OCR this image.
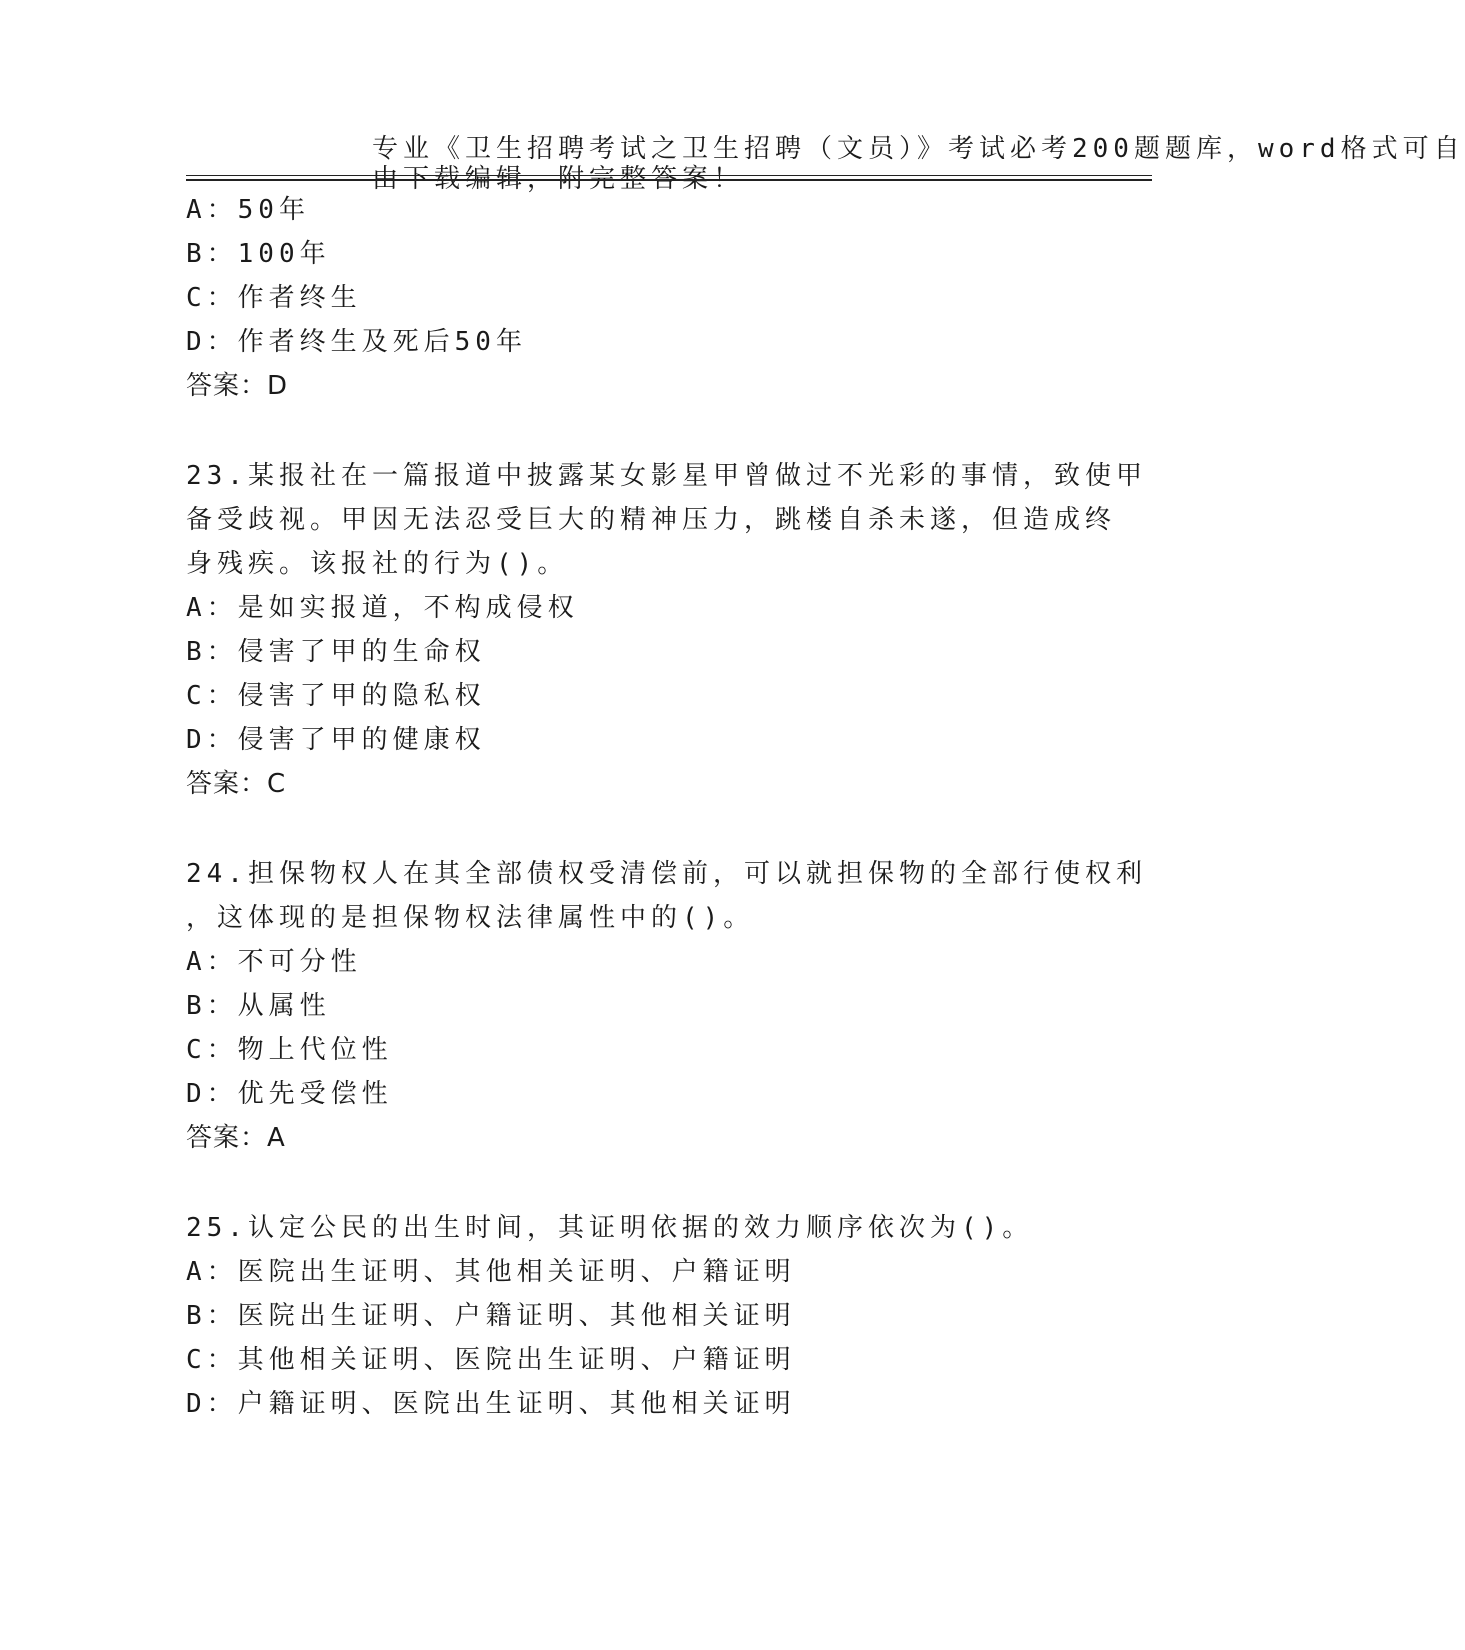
专业《卫生招聘考试之卫生招聘（文员）》考试必考200题题库，word格式可自

由下载编辑，附完整答案！

A：50年
B：100年
C：作者终生
D：作者终生及死后50年
答案：D
23.某报社在一篇报道中披露某女影星甲曾做过不光彩的事情，致使甲
备受歧视。甲因无法忍受巨大的精神压力，跳楼自杀未遂，但造成终
身残疾。该报社的行为()。
A：是如实报道，不构成侵权
B：侵害了甲的生命权
C：侵害了甲的隐私权
D：侵害了甲的健康权
答案：C
24.担保物权人在其全部债权受清偿前，可以就担保物的全部行使权利
，这体现的是担保物权法律属性中的()。
A：不可分性
B：从属性
C：物上代位性
D：优先受偿性
答案：A
25.认定公民的出生时间，其证明依据的效力顺序依次为()。
A：医院出生证明、其他相关证明、户籍证明
B：医院出生证明、户籍证明、其他相关证明
C：其他相关证明、医院出生证明、户籍证明
D：户籍证明、医院出生证明、其他相关证明
